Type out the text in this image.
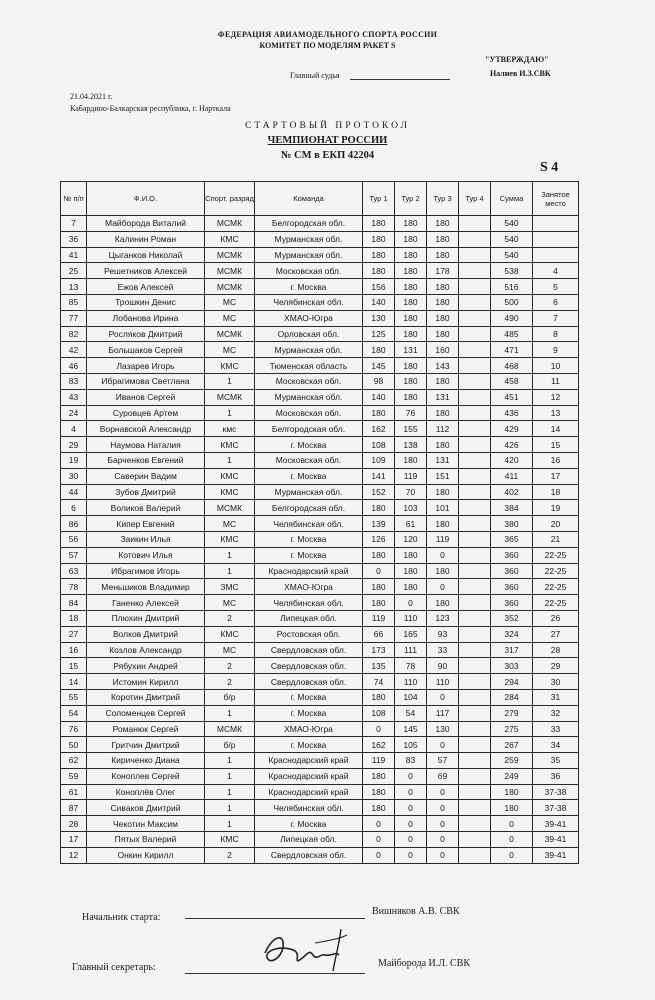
ФЕДЕРАЦИЯ АВИАМОДЕЛЬНОГО СПОРТА РОССИИ
КОМИТЕТ ПО МОДЕЛЯМ РАКЕТ S
"УТВЕРЖДАЮ"
Главный судья	Налиев И.З.СВК
21.04.2021 г.
Кабардино-Балкарская республика, г. Нарткала
СТАРТОВЫЙ ПРОТОКОЛ
ЧЕМПИОНАТ РОССИИ
№ СМ в ЕКП 42204
S 4
№ п/п	Ф.И.О.	Спорт. разряд	Команда	Тур 1	Тур 2	Тур 3	Тур 4	Сумма	Занятое место
7	Майборода Виталий	МСМК	Белгородская обл.	180	180	180		540	
36	Калинин Роман	КМС	Мурманская обл.	180	180	180		540	
41	Цыганков Николай	МСМК	Мурманская обл.	180	180	180		540	
25	Решетников Алексей	МСМК	Московская обл.	180	180	178		538	4
13	Ежов Алексей	МСМК	г. Москва	156	180	180		516	5
85	Трошкин Денис	МС	Челябинская обл.	140	180	180		500	6
77	Лобанова Ирина	МС	ХМАО-Югра	130	180	180		490	7
82	Росляков Дмитрий	МСМК	Орловская обл.	125	180	180		485	8
42	Большаков Сергей	МС	Мурманская обл.	180	131	160		471	9
46	Лазарев Игорь	КМС	Тюменская область	145	180	143		468	10
83	Ибрагимова Светлана	1	Московская обл.	98	180	180		458	11
43	Иванов Сергей	МСМК	Мурманская обл.	140	180	131		451	12
24	Суровцев Артем	1	Московская обл.	180	76	180		436	13
4	Ворнавской Александр	кмс	Белгородская обл.	162	155	112		429	14
29	Наумова Наталия	КМС	г. Москва	108	138	180		426	15
19	Барченков Евгений	1	Московская обл.	109	180	131		420	16
30	Саверин Вадим	КМС	г. Москва	141	119	151		411	17
44	Зубов Дмитрий	КМС	Мурманская обл.	152	70	180		402	18
6	Воликов Валерий	МСМК	Белгородская обл.	180	103	101		384	19
86	Кипер Евгений	МС	Челябинская обл.	139	61	180		380	20
56	Заикин Илья	КМС	г. Москва	126	120	119		365	21
57	Котович Илья	1	г. Москва	180	180	0		360	22-25
63	Ибрагимов Игорь	1	Краснодарский край	0	180	180		360	22-25
78	Меньшиков Владимир	ЗМС	ХМАО-Югра	180	180	0		360	22-25
84	Ганенко Алексей	МС	Челябинская обл.	180	0	180		360	22-25
18	Плюхин Дмитрий	2	Липецкая обл.	119	110	123		352	26
27	Волков Дмитрий	КМС	Ростовская обл.	66	165	93		324	27
16	Козлов Александр	МС	Свердловская обл.	173	111	33		317	28
15	Рябухин Андрей	2	Свердловская обл.	135	78	90		303	29
14	Истомин Кирилл	2	Свердловская обл.	74	110	110		294	30
55	Коротин Дмитрий	б/р	г. Москва	180	104	0		284	31
54	Соломенцев Сергей	1	г. Москва	108	54	117		279	32
76	Романюк Сергей	МСМК	ХМАО-Югра	0	145	130		275	33
50	Гритчин Дмитрий	б/р	г. Москва	162	105	0		267	34
62	Кириченко Диана	1	Краснодарский край	119	83	57		259	35
59	Коноплев Сергей	1	Краснодарский край	180	0	69		249	36
61	Коноплёв Олег	1	Краснодарский край	180	0	0		180	37-38
87	Сиваков Дмитрий	1	Челябинская обл.	180	0	0		180	37-38
28	Чекотин Максим	1	г. Москва	0	0	0		0	39-41
17	Пятых Валерий	КМС	Липецкая обл.	0	0	0		0	39-41
12	Онкин Кирилл	2	Свердловская обл.	0	0	0		0	39-41
Начальник старта:
Вишняков А.В. СВК
Главный секретарь:	Майборода И.Л. СВК
